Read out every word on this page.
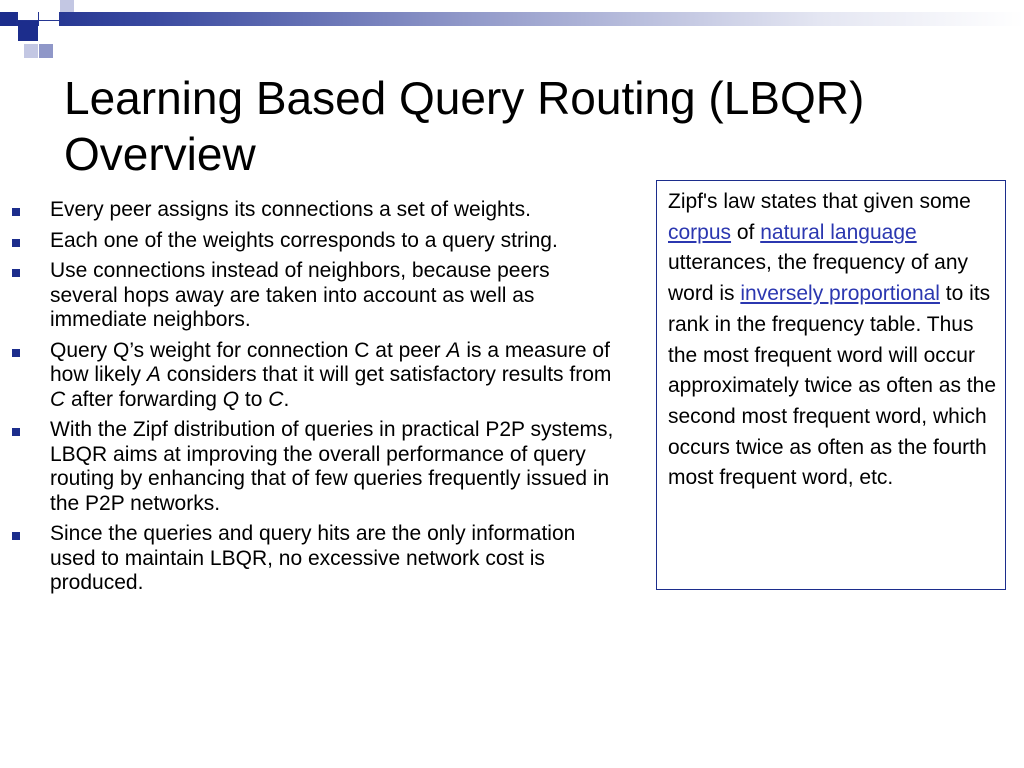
Learning Based Query Routing (LBQR)
Overview
Every peer assigns its connections a set of weights.
Each one of the weights corresponds to a query string.
Use connections instead of neighbors, because peers several hops away are taken into account as well as immediate neighbors.
Query Q’s weight for connection C at peer A is a measure of how likely A considers that it will get satisfactory results from C after forwarding Q to C.
With the Zipf distribution of queries in practical P2P systems, LBQR aims at improving the overall performance of query routing by enhancing that of few queries frequently issued in the P2P networks.
Since the queries and query hits are the only information used to maintain LBQR, no excessive network cost is produced.
Zipf's law states that given some corpus of natural language utterances, the frequency of any word is inversely proportional to its rank in the frequency table. Thus the most frequent word will occur approximately twice as often as the second most frequent word, which occurs twice as often as the fourth most frequent word, etc.
